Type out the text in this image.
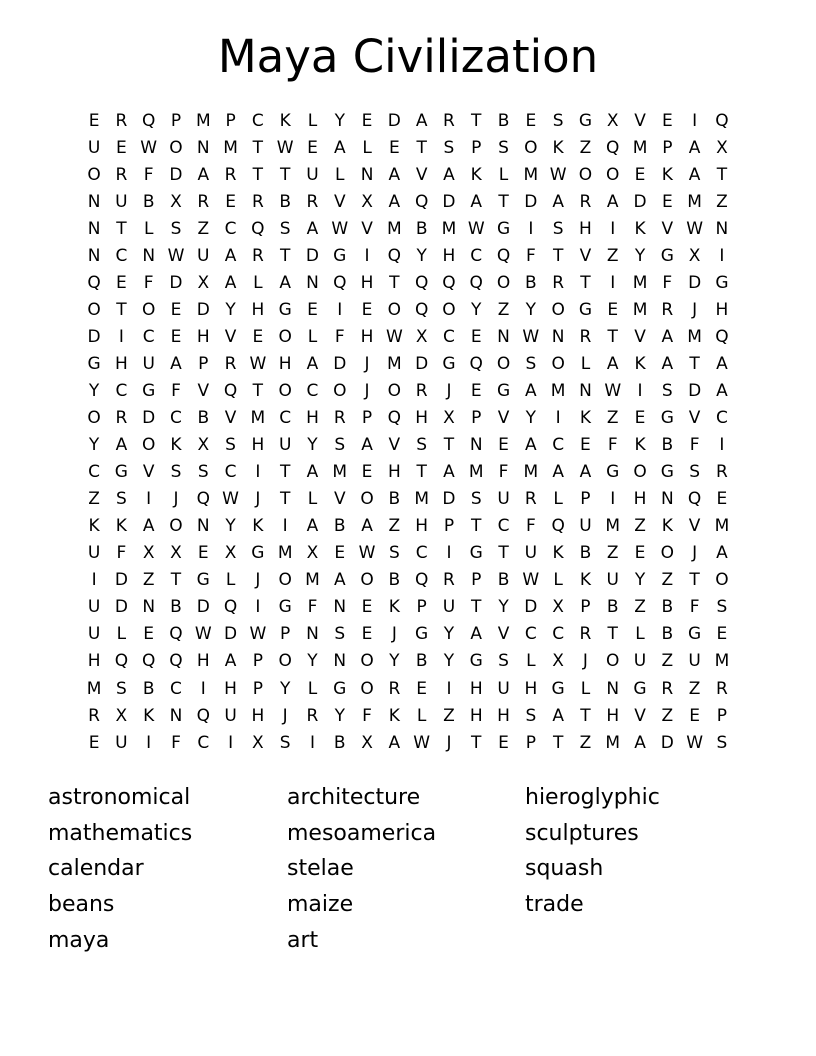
Maya Civilization
E R Q P M P C K L	Y E D A R T B E S G X V E	I	Q
U E W O N M T W E A L	E T S P S O K Z Q M P A X
O R F D A R T T U L N A V A K L M W O O E K A T
N U B X R E R B R V X A Q D A T D A R A D E M Z
N T	L	S Z C Q S A W V M B M W G	I	S H	I	K V W N
N C N W U A R T D G	I	Q Y H C Q F	T V Z Y G X	I
Q E	F D X A L A N Q H T Q Q Q O B R T	I	M F D G
O T O E D Y H G E	I	E O Q O Y Z Y O G E M R	J	H
D	I	C E H V E O L	F H W X C E N W N R T V A M Q
G H U A P R W H A D	J	M D G Q O S O L A K A T A
Y C G F V Q T O C O	J	O R	J	E G A M N W I	S D A
O R D C B V M C H R P Q H X P V Y	I	K Z E G V C
Y A O K X S H U Y S A V S T N E A C E	F K B F	I
C G V S S C	I	T A M E H T A M F M A A G O G S R
Z S	I	J	Q W J	T	L V O B M D S U R L	P	I	H N Q E
K K A O N Y K	I	A B A Z H P T C F Q U M Z K V M
U F X X E X G M X E W S C	I	G T U K B Z E O	J	A
I	D Z T G L	J	O M A O B Q R P B W L K U Y Z T O
U D N B D Q	I	G F N E K P U T Y D X P B Z B F	S
U L	E Q W D W P N S E	J	G Y A V C C R T	L B G E
H Q Q Q H A P O Y N O Y B Y G S	L X	J	O U Z U M
M S B C	I	H P Y	L G O R E	I	H U H G L N G R Z R
R X K N Q U H	J	R Y	F K L Z H H S A T H V Z E P
E U	I	F C	I	X S	I	B X A W J	T E P T Z M A D W S
astronomical
mathematics
calendar
beans
maya
architecture
mesoamerica
stelae
maize
art
hieroglyphic
sculptures
squash
trade
